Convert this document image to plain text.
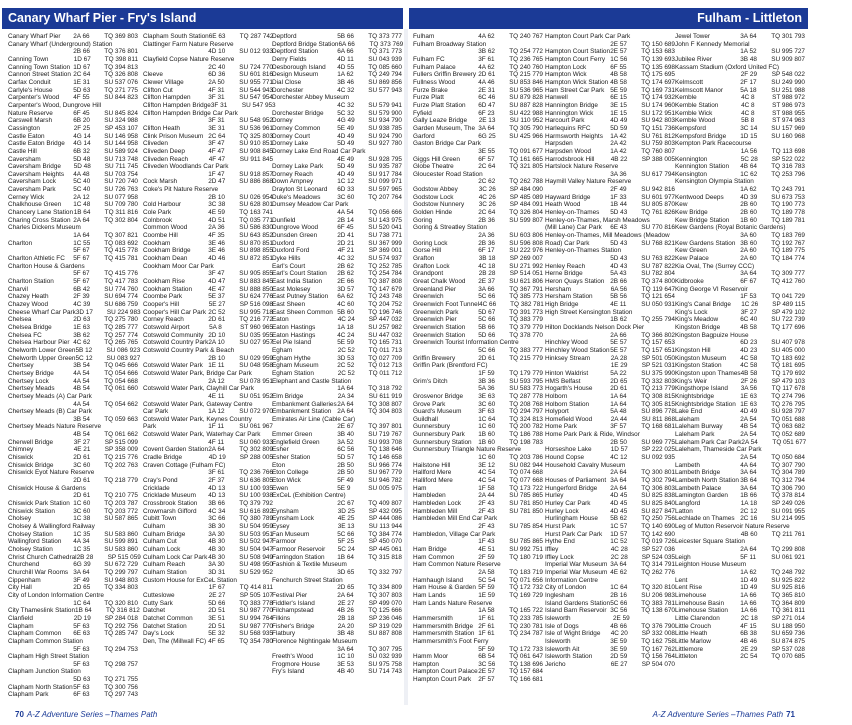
Canary Wharf Pier - Fry's Island	Fulham - Littleton
Canary Wharf Pier	2A 66	TQ 369 803
Canary Wharf (Underground) Station
2B 66	TQ 376 801
Canning Town	1D 67	TQ 398 811
Canning Town Station 1D 67	TQ 394 813
Cannon Street Station 2C 64	TQ 326 808
Carfax Conduit	1E 31	SU 537 076
Carlyle's House	5D 63	TQ 271 775
Carpenter's Wood	4F 55	SU 844 823
Carpenter's Wood, Dungrove Hill
Nature Reserve	6F 45	SU 845 824
Carswell Marsh	6B 20	SU 324 988
Cassington	2F 25	SP 453 107
Castle Eaton	4G 14	SU 146 958
Castle Eaton Bridge	4G 14	SU 144 958
Castle Hill	6B 32	SU 589 924
Caversham	5D 48	SU 713 748
Caversham Bridge	5D 48	SU 711 745
Caversham Heights	4A 48	SU 703 754
Caversham Lock	5C 40	SU 720 740
Caversham Park	5C 40	SU 726 763
Cerney Wick	2A 12	SU 077 958
Chalkhouse Green	1C 48	SU 709 780
Chancery Lane Station 1B 64	TQ 311 816
Charing Cross Station 2A 64	TQ 302 804
Charles Dickens Museum
1A 64	TQ 307 821
Charlton	1C 55	TQ 083 692
5F 67	TQ 415 778
Charlton Athletic FC	5F 67	TQ 415 781
Charlton House & Gardens
5F 67	TQ 415 776
Charlton Station	5F 67	TQ 417 783
Charvil	6B 42	SU 774 760
Chazey Heath	2F 39	SU 694 774
Chazey Wood	4C 39	SU 686 759
Cheese Wharf Car Park 3D 17	SU 224 983
Chelsea	2D 63	TQ 275 780
Chelsea Bridge	1E 63	TQ 285 777
Chelsea FC	3B 62	TQ 257 774
Chelsea Harbour Pier 4C 62	TQ 265 765
Chelworth Lower Green 5B 12	SU 086 923
Chelworth Upper Green 5C 12	SU 083 927
Chertsey	3B 54	TQ 045 666
Chertsey Bridge	4A 54	TQ 054 666
Chertsey Lock	4A 54	TQ 054 668
Chertsey Meads	4B 54	TQ 061 660
Chertsey Meads (A) Car Park
4A 54	TQ 054 662
Chertsey Meads (B) Car Park
3B 54	TQ 059 663
Chertsey Meads Nature Reserve
4B 54	TQ 061 662
Cherwell Bridge	3F 27	SP 515 099
Chimney	4E 21	SP 358 009
Chiswick	2D 61	TQ 215 776
Chiswick Bridge	3C 60	TQ 202 763
Chiswick Eyot Nature Reserve
2D 61	TQ 218 779
Chiswick House & Gardens
2D 61	TQ 210 775
Chiswick Park Station 1C 60	TQ 203 787
Chiswick Station	3C 60	TQ 203 772
Cholsey	1C 38	SU 587 865
Cholsey & Wallingford Railway
Cholsey Station	1C 35	SU 583 860
Wallingford Station	4A 34	SU 599 891
Cholsey Station	1C 35	SU 583 860
Christ Church Cathedral 2B 28	SP 515 059
Churchend	6G 39	SU 672 729
Churchill War Rooms 3A 64	TQ 299 797
Cippenham	3F 49	SU 948 803
City Hall	2D 65	TQ 334 803
City of London Information Centre
1C 64	TQ 320 810
City Thameslink Station 1B 64	TQ 316 812
Clanfield	2D 19	SP 284 018
Clapham	5F 63	TQ 292 756
Clapham Common	6E 63	TQ 285 747
Clapham Common Station
5F 63	TQ 294 753
Clapham High Street Station
5F 63	TQ 298 757
Clapham Junction Station
5D 63	TQ 271 755
Clapham North Station 5F 63	TQ 300 756
Clapham Park	6F 63	TQ 297 743
Clapham South Station 6E 63	TQ 287 742
Clattinger Farm Nature Reserve
4D 10	SU 012 933
Clayfield Copse Nature Reserve
2C 40	SU 724 770
Cleeve	6D 36	SU 601 816
Clewer Village	2A 50	SU 955 771
Clifton Cut	4F 31	SU 544 943
Clifton Hampden	3F 31	SU 547 954
Clifton Hampden Bridge 3F 31	SU 547 953
Clifton Hampden Bridge Car Park
3F 31	SU 548 952
Clifton Heath	3E 31	SU 536 961
Clink Prison Museum 2C 64	TQ 325 803
Cliveden	3F 47	SU 910 851
Cliveden Deep	4F 47	SU 908 845
Cliveden Reach	4F 47	SU 911 845
Cliveden Woodlands Car Park
1F 47	SU 918 857
Cock Marsh	2D 47	SU 886 868
Coke's Pit Nature Reserve
2B 10	SU 026 954
Cold Harbour	3C 38	SU 628 801
Cole Park	4E 59	TQ 163 741
Colnbrook	4D 51	TQ 035 771
Common Wood	2A 36	SU 586 830
Coombe Hill	4F 35	SU 643 852
Cookham	3E 46	SU 870 851
Cookham Bridge	3E 46	SU 898 855
Cookham Dean	4D 46	SU 872 851
Cookham Moor Car Park
3F 47	SU 905 855
Cookham Rise	4D 47	SU 883 845
Cookham Station	4E 47	SU 888 850
Coombe Park	5E 37	SU 624 776
Cooper's Hill	5E 27	SP 516 098
Cooper's Hill Car Park 2C 52	SU 995 718
Corney Reach	2D 61	TQ 216 772
Cotswold Airport	5A 8	ST 960 965
Cotswold Community 2D 10	SU 035 955
Cotswold Country Park 2A 10	SU 027 957
Cotswold Country Park & Beach
2B 10	SU 029 959
Cotswold Water Park 1E 11	SU 048 958
Cotswold Water Park, Bridge Car Park
2A 12	SU 078 951
Cotswold Water Park, Clayhill Car Park
4E 11	SU 051 952
Cotswold Water Park, Gateway Centre
Car Park	1A 12	SU 072 970
Cotswold Water Park, Keynes Country
Park	1F 11	SU 061 967
Cotswold Water Park, Waterhay Car Park
4F 11	SU 060 933
Covent Garden Station 2A 64	TQ 302 809
Cradle Bridge	4D 19	SP 288 005
Craven Cottage (Fulham FC)
3F 61	TQ 236 766
Cray's Pond	2F 37	SU 636 805
Cricklade	4D 13	SU 100 935
Cricklade Museum	4D 13	SU 100 938
Crossbrook Station	3B 66	TQ 379 792
Crowmarsh Gifford	4C 34	SU 616 892
Cubitt Town	3C 66	TQ 380 789
Culham	3B 30	SU 504 959
Culham Bridge	3A 30	SU 503 951
Culham Cut	4B 30	SU 502 947
Culham Lock	4B 30	SU 504 947
Culham Lock Car Park 4B 30	SU 508 949
Culham Reach	3A 30	SU 498 950
Culham Station	3D 31	SU 529 952
Custom House for ExCeL Station
1F 67	TQ 414 811
Cutteslowe	2E 27	SP 505 107
Cutty Sark	5D 66	TQ 383 778
Datchet	2D 51	SU 987 770
Datchet Common	3E 51	SU 994 764
Datchet Station	2D 51	SU 987 770
Day's Lock	5E 32	SU 568 935
Den, The (Millwall FC) 4F 65	TQ 354 780
Deptford	5B 66	TQ 373 777
Deptford Bridge Station 6A 66	TQ 373 769
Deptford Station	6A 66	TQ 371 773
Derry Fields	4D 11	SU 043 939
Desborough Island	4D 55	TQ 085 660
Design Museum	1A 62	TQ 249 794
Dial Close	3B 46	SU 869 856
Dorchester	4C 32	SU 577 943
Dorchester Abbey Museum
4C 32	SU 579 941
Dorchester Bridge	5C 32	SU 579 900
Dorney	4G 49	SU 934 790
Dorney Common	5E 49	SU 938 785
Dorney Court	4D 49	SU 924 790
Dorney Lake	5D 49	SU 927 780
Dorney Lake End Road Car Park
4E 49	SU 928 795
Dorney Lake Park	5D 49	SU 935 787
Dorney Reach	4D 49	SU 917 784
Down Ampney	1C 12	SU 099 971
Drayton St Leonard	6D 33	SU 597 965
Duke's Meadows	3C 60	TQ 207 764
Dumsey Meadow Car Park
4A 54	TQ 056 666
Dunfield	2B 14	SU 143 975
Dungrove Wood	6F 45	SU 520 041
Dunsden Green	2D 41	SU 738 771
Duxford	2D 21	SU 367 999
Duxford Ford	4F 21	SP 369 001
Dyke Hills	4C 32	SU 574 937
Earl's Court	2B 62	TQ 252 785
Earl's Court Station	2B 62	TQ 254 784
East India Station	2E 66	TQ 387 808
East Molesey	3D 57	TQ 147 679
East Putney Station	6A 62	TQ 243 748
East Sheen	4C 60	TQ 204 752
East Sheen Common 5B 60	TQ 196 746
Eaton	4C 24	SP 447 032
Eaton Hastings	1A 18	SU 257 982
Eaton Hastings	4C 24	SU 447 032
Eel Pie Island	5E 59	TQ 165 731
Egham	2C 52	TQ 011 713
Egham Hythe	3D 53	TQ 027 709
Egham Museum	2C 52	TQ 012 713
Egham Station	2C 52	TQ 011 712
Elephant and Castle Station
1A 64	TQ 318 792
Elm Bridge	2A 34	SU 611 919
Embankment Galleries 2A 64	TQ 308 807
Embankment Station 2A 64	TQ 304 803
Emirates Air Line (Cable Car)
2E 67	TQ 397 801
Emmer Green	3B 40	SU 719 767
Englefield Green	3A 52	SU 993 708
Esher	6C 56	TQ 138 646
Esher Station	5D 57	TQ 146 658
Eton	2B 50	SU 966 774
Eton College	2B 50	SU 967 779
Eton Wick	5F 49	SU 946 782
Ewen	5E 9	SU 005 975
ExCeL (Exhibition Centre)
2C 67	TQ 409 807
Eynsham	3D 25	SP 432 095
Eynsham Lock	4E 25	SP 444 086
Eysey	3E 13	SU 113 944
Fan Museum	5C 66	TQ 384 774
Farmoor	5F 25	SP 450 070
Farmoor Reservoir	5C 24	SP 445 061
Farringdon Station	1B 64	TQ 315 818
Fashion & Textile Museum
3D 65	TQ 332 797
Fenchurch Street Station
2D 65	TQ 334 809
Festival Pier	2A 64	TQ 307 803
Fiddler's Island	2E 27	SP 499 070
Filchampstead	4B 26	TQ 125 666
Filkins	2B 18	SP 236 046
Fisher's Bridge	2A 20	SP 319 029
Flatbury	3B 48	SU 887 808
Florence Nightingale Museum
3A 64	TQ 307 795
Freeth's Wood	1C 10	SU 032 939
Frogmore House	3E 53	SU 975 758
Fry's Island	4B 40	SU 714 743
Fulham	4A 62	TQ 240 767
Fulham Broadway Station
3B 62	TQ 254 772
Fulham FC	3F 61	TQ 236 765
Fulham Palace	4A 62	TQ 240 760
Fullers Griffin Brewery 2D 61	TQ 215 779
Fullness Wood	4A 46	SU 853 846
Furze Brake	2E 31	SU 536 965
Furze Platt	6C 46	SU 879 828
Furze Platt Station	6D 47	SU 887 828
Fyfield	6F 23	SU 422 988
Gally Leaze Bridge	2E 13	SU 110 952
Garden Museum, The 3A 64	TQ 305 790
Garford	6G 25	SU 425 966
Gaston Bridge Car Park
3E 55	TQ 091 677
Giggs Hill Green	6F 57	TQ 161 665
Globe Theatre	2C 64	TQ 321 805
Gloucester Road Station
2C 62	TQ 262 788
Godstow Abbey	3C 26	SP 484 090
Godstow Lock	4C 26	SP 485 089
Godstow Nunnery	3C 26	SP 484 091
Golden Hinde	2C 64	TQ 326 804
Goring	2B 36	SU 599 807
Goring & Streatley Station
2A 36	SU 603 806
Goring Lock	2B 36	SU 596 808
Gorse Hill	6F 17	SU 222 976
Grafton	3B 18	SP 269 007
Grafton Lock	4C 18	SU 271 992
Grandpont	2B 28	SP 514 051
Great Chalk Wood	2E 37	SU 621 806
Greenland Pier	3A 66	TQ 367 791
Greenwich	5C 66	TQ 385 773
Greenwich Foot Tunnel 4C 66	TQ 382 781
Greenwich Park	5D 67	TQ 391 773
Greenwich Pier	5C 66	TQ 383 779
Greenwich Station	5B 66	TQ 379 779
Greenwich Station	5D 66	TQ 378 770
Greenwich Tourist Information Centre
5C 66	TQ 383 777
Griffin Brewery	2D 61	TQ 215 779
Griffin Park (Brentford FC)
1F 59	TQ 179 779
Grim's Ditch	3B 36	SU 593 795
5A 36	SU 583 773
Grosvenor Bridge	3E 63	TQ 287 778
Grove Park	3C 60	TQ 208 768
Guard's Museum	3F 63	TQ 294 797
Guildhall	1C 64	TQ 324 813
Gunnersbury	1C 60	TQ 200 782
Gunnersbury Park	1B 60	TQ 186 788
Gunnersbury Station	1B 60	TQ 198 783
Gunnersbury Triangle Nature Reserve
1C 60	TQ 203 786
Hailstone Hill	3E 12	SU 082 944
Hallford Mere	4C 54	TQ 074 668
Halliford Mere	4C 54	TQ 077 668
Ham	1F 58	TQ 173 722
Hambleden	2A 44	SU 785 865
Hambleden Lock	2F 43	SU 781 850
Hambleden Mill	2F 43	SU 781 850
Hambleden Mill End Car Park
2F 43	SU 785 854
Hambledon, Village Car Park
1F 43	SU 785 865
Ham Bridge	4E 51	SU 992 751
Ham Common	2F 59	TQ 180 719
Ham Common Nature Reserve
2A 58	TQ 183 719
Hamhaugh Island	5C 54	TQ 071 656
Ham House & Garden 5F 59	TQ 172 732
Ham Lands	1E 59	TQ 169 729
Ham Lands Nature Reserve
1A 58	TQ 165 722
Hammersmith	1F 61	TQ 233 785
Hammersmith Bridge 2F 61	TQ 230 781
Hammersmith Station 1F 61	TQ 234 787
Hammersmith's Foot Ferry
5F 59	TQ 172 733
Hamm Moor	6B 54	TQ 061 647
Hampton	3C 56	TQ 138 696
Hampton Court Palace 2E 57	TQ 157 684
Hampton Court Park	2F 57	TQ 166 681
Hampton Court Park Car Park
2E 57	TQ 150 689
Hampton Court Station 2E 57	TQ 153 683
Hampton Court Ferry 1C 56	TQ 139 693
Hampton Lock	6F 55	TQ 135 698
Hampton Wick	4B 58	TQ 175 695
Hampton Wick Station 4B 58	TQ 174 697
Ham Street Car Park 5E 59	TQ 169 731
Hanwell	6E 15	TQ 174 932
Hannington Bridge	3E 15	SU 174 960
Hannington Wick	1E 15	SU 172 951
Harcourt Park	4D 49	SU 942 803
Harlequins RFC	5D 59	TQ 151 736
Harmsworth Heights	1A 42	SU 761 812
Harpsden	2A 42	SU 759 803
Harpsden Wood	1A 42	TQ 760 807
Harrodsbrook Hill	4B 22	SP 388 005
Hartslock Nature Reserve
3A 36	SU 617 794
Haymill Valley Nature Reserve
2F 49	SU 942 816
Hayward Bridge	1F 33	SU 601 977
Heath Wood	1B 44	SU 805 870
Henley-on-Thames	5D 43	TQ 761 826
Henley-on-Thames, Marsh Meadows
(Mill Lane) Car Park	6E 43	SU 770 816
Henley-on-Thames, Mill Meadows (Meadow
Road) Car Park	5D 43	SU 768 821
Henley-on-Thames Station
5D 43	SU 763 822
Henley Reach	4D 43	SU 787 822
Herne Bridge	5A 43	SU 782 804
Heron Quays Station 2B 66	TQ 374 800
Hersham	6A 56	TQ 119 647
Hersham Station	5B 56	TQ 121 654
High Bridge	4E 11	SU 050 931
High Street Kensington Station
1B 62	TQ 255 794
Hilton Docklands Nelson Dock Pier
2A 66	TQ 366 802
Hinchley Wood	5E 57	TQ 157 653
Hinchley Wood Station 5E 57	TQ 157 651
Hinksey Stream	2A 28	SP 501 050
1E 29	SP 521 031
Hinton Waldrist	5A 22	SU 375 990
HMS Belfast	2D 65	TQ 332 803
Hogarth's House	2D 61	TQ 213 779
Holborn	1A 64	TQ 308 815
Holborn Station	1A 64	TQ 305 815
Holyport	5A 48	SU 896 778
Homefield Wood	2A 44	SU 811 868
Home Park	3F 57	TQ 168 681
Home Park Park & Ride, Windsor
2B 50	SU 969 775
Horseshoe Lake	1D 57	SP 222 025
Hound Copse	4C 12	SU 092 935
Household Cavalry Museum
2A 64	TQ 300 801
Houses of Parliament 3A 64	TQ 302 794
Hungerford Bridge	2A 64	TQ 306 803
Hurley	4D 45	SU 825 838
Hurley Car Park	4D 45	SU 825 840
Hurley Lock	4D 45	SU 827 847
Hurlingham House	5B 62	TQ 250 756
Hurst Park	1C 57	TQ 140 690
Hurst Park Car Park	1D 57	TQ 142 690
Hythe End	1C 52	TQ 019 726
Iffley	4C 28	SP 527 036
Iffley Lock	2C 28	SP 524 035
Imperial War Museum 3A 64	TQ 314 791
Imperial War Museum 4E 62	TQ 262 776
Information Centre
City of London	1C 64	TQ 320 810
Inglesham	2B 16	SU 206 983
Island Gardens Station 5C 66	TQ 383 781
Island Barn Reservoir 3C 56	TQ 138 670
Isleworth	2E 59
Isle of Dogs	4B 66	TQ 376 790
Isle of Wight Bridge	4C 20	SP 332 008
Isleworth	3E 59	TQ 162 758
Isleworth Ait	3E 59	TQ 167 762
Isleworth Station	2D 59	TQ 156 764
Jericho	6E 27	SP 504 070
Jewel Tower	3A 64	TQ 301 793
John F Kennedy Memorial
1A 52	SU 995 727
Jubilee River	3B 48	SU 909 807
Kassam Stadium (Oxford United FC)
2F 29	SP 548 022
Kelmscott	2F 17	SU 249 990
Kelmscott Manor	5A 18	SU 251 988
Kemble	4C 8	ST 988 972
Kemble Station	4C 8	ST 986 973
Kemble Wick	4C 8	ST 988 955
Kemble Wood	5B 8	ST 974 963
Kempsford	3C 14	SU 157 969
Kempsford Bridge	1D 15	SU 160 968
Kempton Park Racecourse
1A 56	TQ 113 698
Kennington	5C 28	SP 522 022
Kennington Station	4B 64	TQ 316 783
Kensington	1C 62	TQ 253 796
Kensington Olympia Station
1A 62	TQ 243 791
Kentwood Deeps	4D 39	SU 673 753
Kew	2B 60	TQ 190 773
Kew Bridge	2B 60	TQ 189 778
Kew Bridge Station	1B 60	TQ 189 781
Kew Gardens (Royal Botanic Gardens)
3A 60	TQ 183 769
Kew Gardens Station 3B 60	TQ 192 767
Kew Green	2A 60	TQ 189 775
Kew Palace	2A 60	TQ 184 774
Kia Oval, The (Surrey CCC)
3A 64	TQ 309 777
Kidbrooke	6F 67	TQ 412 760
King George VI Reservoir
1F 53	TQ 041 729
King's Canal Bridge	1C 26	SP 489 115
King's Lock	3F 27	SP 479 102
King's Meadow	6C 40	SU 722 739
Kingston Bridge	4B 58	TQ 177 696
Kingston Bagpuize House
6D 23	SU 407 978
Kingston Hill	4D 23	SU 405 000
Kingston Museum	4C 58	TQ 183 692
Kingston Station	4C 58	TQ 181 695
Kingston upon Thames 4B 58	TQ 179 692
King's Weir	2F 26	SP 479 103
Kingsthorpe Island	3A 56	TQ 117 678
Knightsbridge	1E 63	TQ 274 796
Knightsbridge Station 1E 63	TQ 276 795
Lake End	4D 49	SU 928 797
Laleham	2A 54	TQ 051 688
Laleham Burway	4B 54	TQ 063 682
Laleham Park	2A 54	TQ 052 689
Laleham Park Car Park 2A 54	TQ 051 677
Laleham, Thameside Car Park
2A 54	TQ 050 684
Lambeth	4A 64	TQ 307 790
Lambeth Bridge	3A 64	TQ 304 789
Lambeth North Station 3B 64	TQ 312 794
Lambeth Palace	3A 64	TQ 306 790
Lamington Garden	1B 66	TQ 378 814
Langford	1A 18	SP 249 026
Latton	2C 12	SU 091 955
Lechlade on Thames 2C 16	SU 214 995
Leg of Mutton Reservoir Nature Reserve
4B 60	TQ 211 761
Leicester Square Station
2A 64	TQ 299 808
Leigh	5F 11	SU 061 921
Leighton House Museum
1A 62	TQ 248 792
Lent	1D 49	SU 925 822
Lent Rise	1D 49	SU 925 816
Limehouse	1A 66	TQ 365 810
Limehouse Basin	1A 66	TQ 364 809
Limehouse Station	1A 66	TQ 361 811
Little Clarendon	2C 18	SP 271 014
Little Crouch	4F 15	SU 188 950
Little Heath	6B 38	SU 659 736
Little Marlow	4B 46	SU 874 875
Littlemore	2E 29	SP 537 028
Littleton	2C 54	TQ 070 685
70 A-Z Adventure Series –Thames Path	A-Z Adventure Series –Thames Path 71
